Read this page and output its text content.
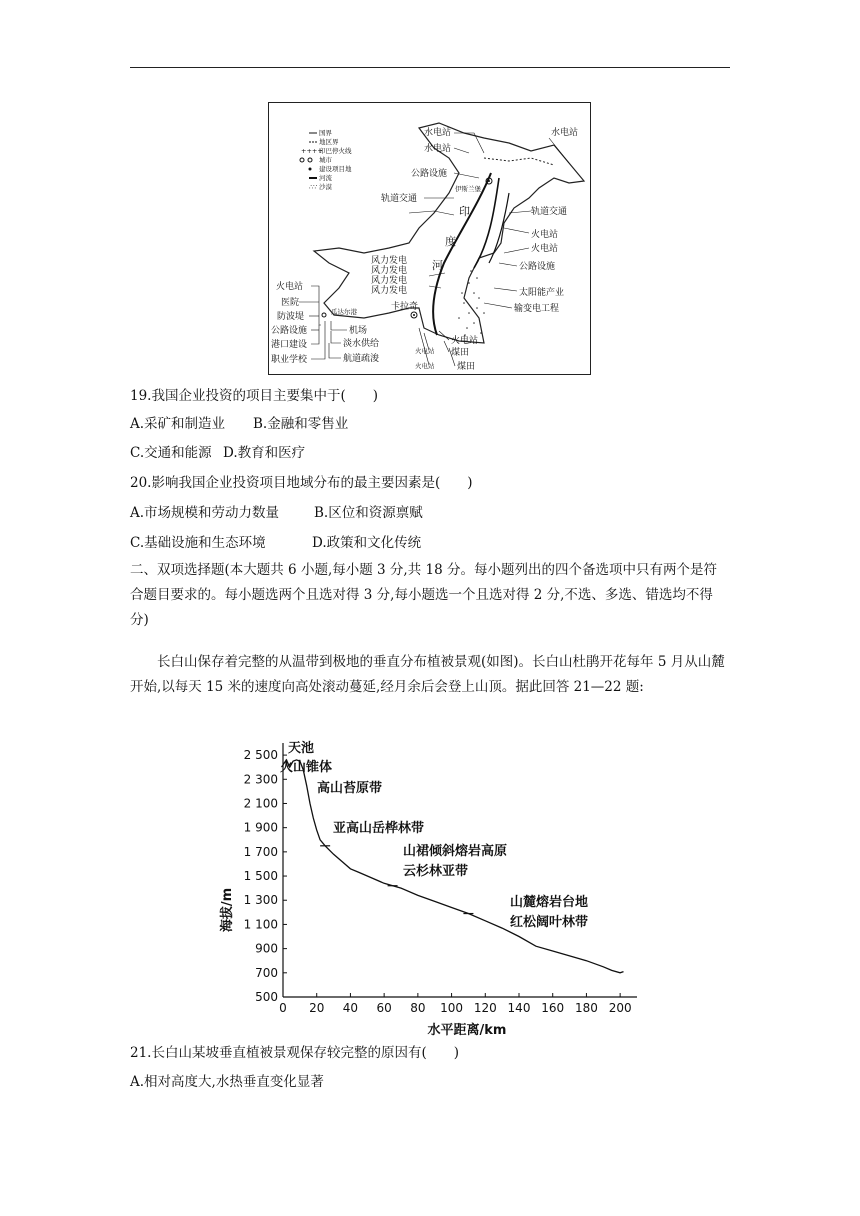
国界
地区界
++++
印巴停火线
城市
建设项目地
河流
∴∵ 沙漠
水电站
水电站
水电站
公路设施
伊斯兰堡
轨道交通
轨道交通
印
度
河
风力发电
风力发电
风力发电
风力发电
火电站
火电站
公路设施
太阳能产业
输变电工程
火电站
医院
防波堤
公路设施
港口建设
职业学校
瓜达尔港
机场
淡水供给
航道疏浚
卡拉奇
火电站
火电站
火电站
煤田
煤田
19.我国企业投资的项目主要集中于(　　)
A.采矿和制造业 B.金融和零售业
C.交通和能源 D.教育和医疗
20.影响我国企业投资项目地域分布的最主要因素是(　　)
A.市场规模和劳动力数量	B.区位和资源禀赋
C.基础设施和生态环境	D.政策和文化传统
二、双项选择题(本大题共 6 小题,每小题 3 分,共 18 分。每小题列出的四个备选项中只有两个是符合题目要求的。每小题选两个且选对得 3 分,每小题选一个且选对得 2 分,不选、多选、错选均不得分)
长白山保存着完整的从温带到极地的垂直分布植被景观(如图)。长白山杜鹃开花每年 5 月从山麓开始,以每天 15 米的速度向高处滚动蔓延,经月余后会登上山顶。据此回答 21—22 题:
500
700
900
1 100
1 300
1 500
1 700
1 900
2 100
2 300
2 500
0 20 40 60 80 100 120 140 160 180 200
海拔/m
水平距离/km
天池
火山锥体
高山苔原带
亚高山岳桦林带
山裙倾斜熔岩高原
云杉林亚带
山麓熔岩台地
红松阔叶林带
21.长白山某坡垂直植被景观保存较完整的原因有(　　)
A.相对高度大,水热垂直变化显著
